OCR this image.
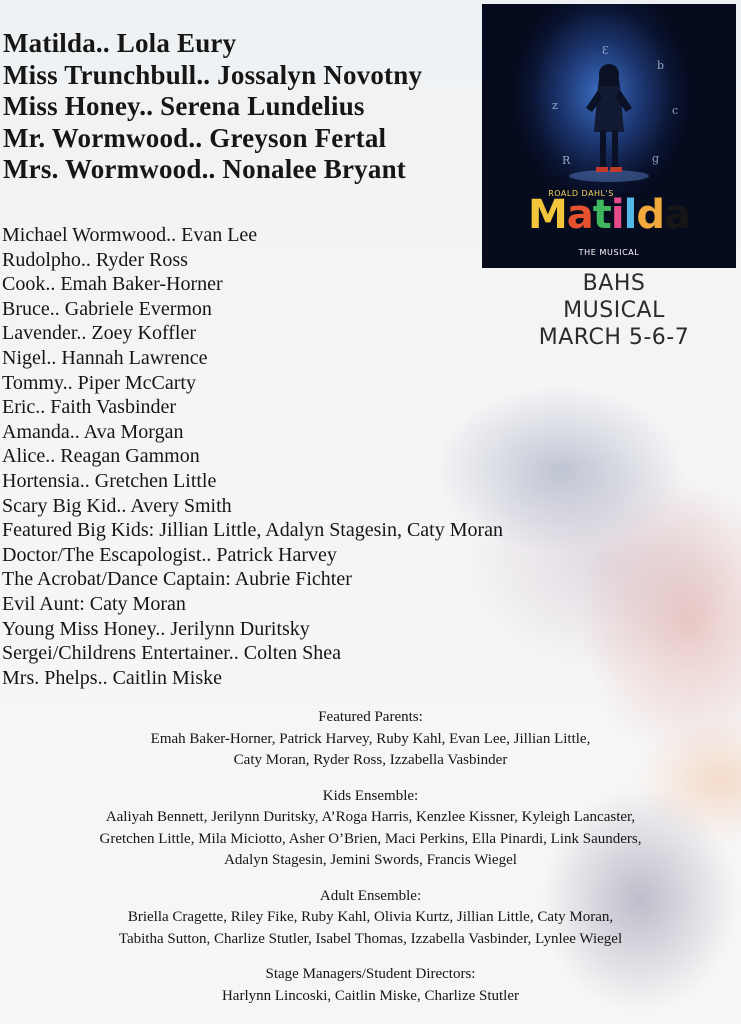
Matilda.. Lola Eury
Miss Trunchbull.. Jossalyn Novotny
Miss Honey.. Serena Lundelius
Mr. Wormwood.. Greyson Fertal
Mrs. Wormwood.. Nonalee Bryant
Michael Wormwood.. Evan Lee
Rudolpho.. Ryder Ross
Cook.. Emah Baker-Horner
Bruce.. Gabriele Evermon
Lavender.. Zoey Koffler
Nigel.. Hannah Lawrence
Tommy.. Piper McCarty
Eric.. Faith Vasbinder
Amanda.. Ava Morgan
Alice.. Reagan Gammon
Hortensia.. Gretchen Little
Scary Big Kid.. Avery Smith
Featured Big Kids: Jillian Little, Adalyn Stagesin, Caty Moran
Doctor/The Escapologist.. Patrick Harvey
The Acrobat/Dance Captain: Aubrie Fichter
Evil Aunt: Caty Moran
Young Miss Honey.. Jerilynn Duritsky
Sergei/Childrens Entertainer.. Colten Shea
Mrs. Phelps.. Caitlin Miske
Ɛ
b
z	c
R	g
ROALD DAHL'S
Matilda
THE MUSICAL
BAHS
MUSICAL
MARCH 5-6-7
Featured Parents:
Emah Baker-Horner, Patrick Harvey, Ruby Kahl, Evan Lee, Jillian Little,
Caty Moran, Ryder Ross, Izzabella Vasbinder
Kids Ensemble:
Aaliyah Bennett, Jerilynn Duritsky, A’Roga Harris, Kenzlee Kissner, Kyleigh Lancaster,
Gretchen Little, Mila Miciotto, Asher O’Brien, Maci Perkins, Ella Pinardi, Link Saunders,
Adalyn Stagesin, Jemini Swords, Francis Wiegel
Adult Ensemble:
Briella Cragette, Riley Fike, Ruby Kahl, Olivia Kurtz, Jillian Little, Caty Moran,
Tabitha Sutton, Charlize Stutler, Isabel Thomas, Izzabella Vasbinder, Lynlee Wiegel
Stage Managers/Student Directors:
Harlynn Lincoski, Caitlin Miske, Charlize Stutler
